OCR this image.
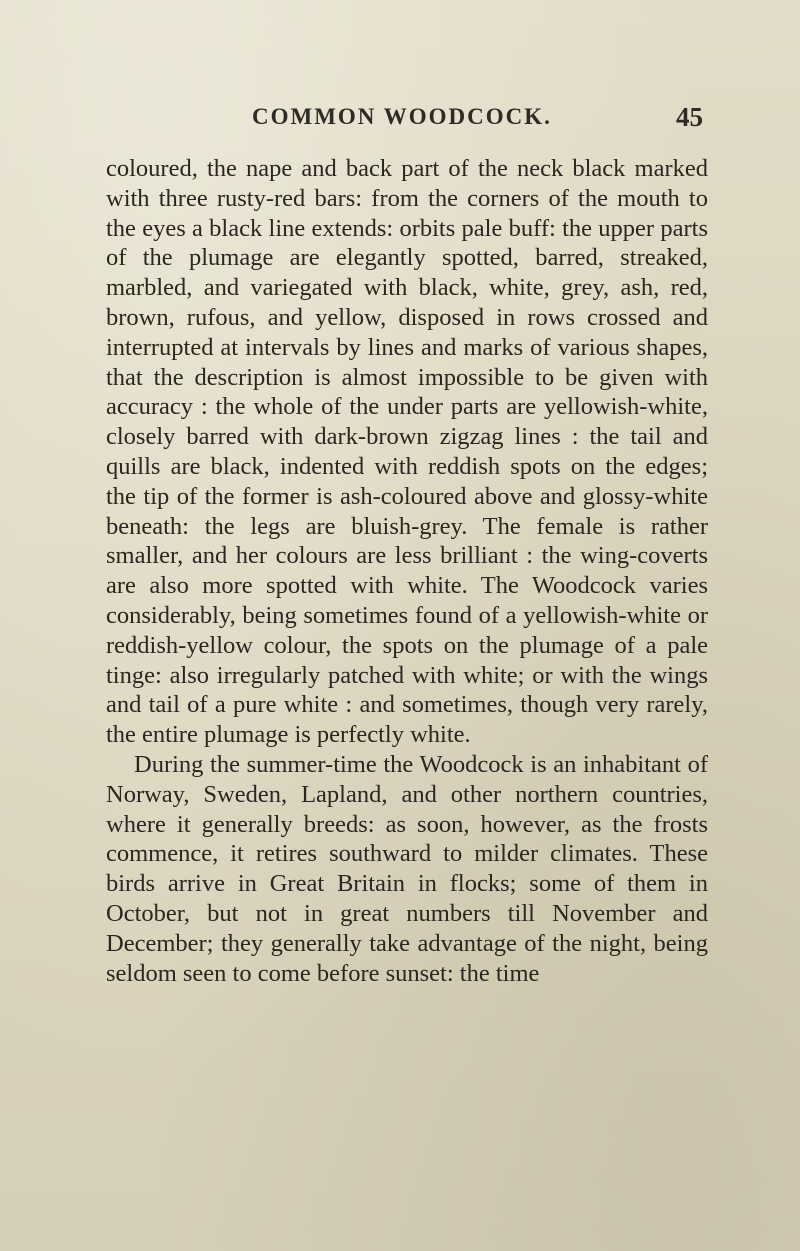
COMMON WOODCOCK.	45

coloured, the nape and back part of the neck black marked with three rusty-red bars: from the corners of the mouth to the eyes a black line extends: orbits pale buff: the upper parts of the plumage are elegantly spotted, barred, streaked, marbled, and variegated with black, white, grey, ash, red, brown, rufous, and yellow, disposed in rows crossed and interrupted at intervals by lines and marks of various shapes, that the description is almost impossible to be given with accuracy : the whole of the under parts are yellowish-white, closely barred with dark-brown zigzag lines : the tail and quills are black, indented with reddish spots on the edges; the tip of the former is ash-coloured above and glossy-white beneath: the legs are bluish-grey. The female is rather smaller, and her colours are less brilliant : the wing-coverts are also more spotted with white. The Woodcock varies considerably, being sometimes found of a yellowish-white or reddish-yellow colour, the spots on the plumage of a pale tinge: also irregularly patched with white; or with the wings and tail of a pure white : and sometimes, though very rarely, the entire plumage is perfectly white.

During the summer-time the Woodcock is an inhabitant of Norway, Sweden, Lapland, and other northern countries, where it generally breeds: as soon, however, as the frosts commence, it retires southward to milder climates. These birds arrive in Great Britain in flocks; some of them in October, but not in great numbers till November and December; they generally take advantage of the night, being seldom seen to come before sunset: the time
